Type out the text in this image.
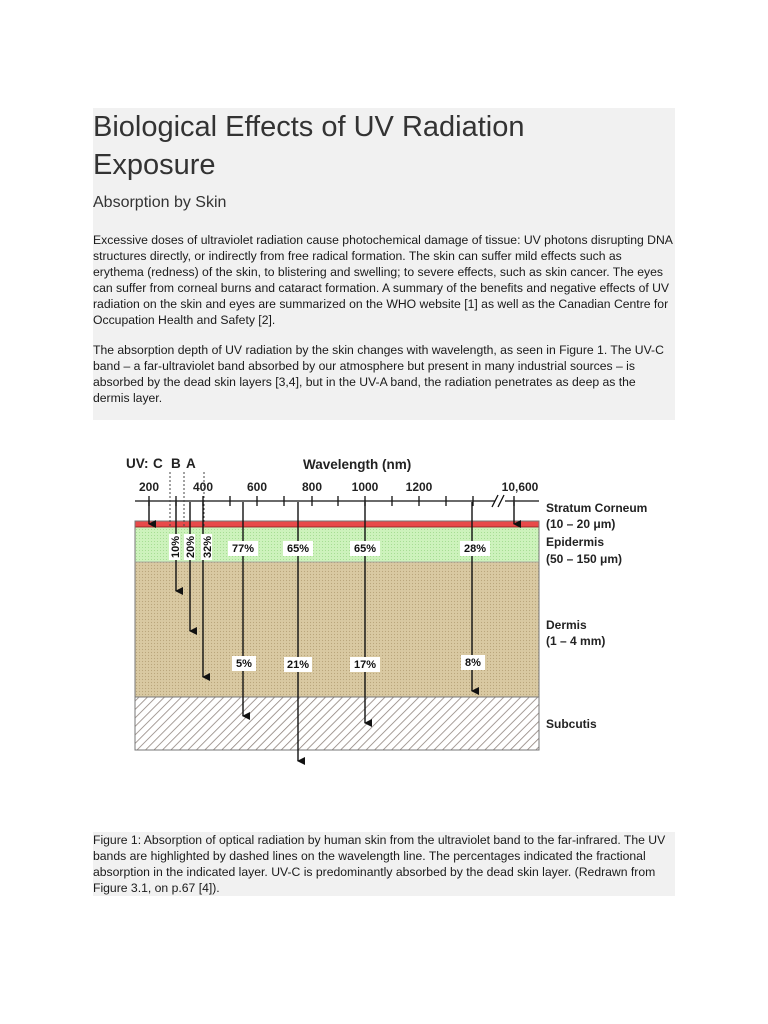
Biological Effects of UV Radiation Exposure
Absorption by Skin

Excessive doses of ultraviolet radiation cause photochemical damage of tissue: UV photons disrupting DNA structures directly, or indirectly from free radical formation. The skin can suffer mild effects such as erythema (redness) of the skin, to blistering and swelling; to severe effects, such as skin cancer. The eyes can suffer from corneal burns and cataract formation. A summary of the benefits and negative effects of UV radiation on the skin and eyes are summarized on the WHO website [1] as well as the Canadian Centre for Occupation Health and Safety [2].

The absorption depth of UV radiation by the skin changes with wavelength, as seen in Figure 1. The UV-C band – a far-ultraviolet band absorbed by our atmosphere but present in many industrial sources – is absorbed by the dead skin layers [3,4], but in the UV-A band, the radiation penetrates as deep as the dermis layer.

UV: C B A	Wavelength (nm)
200	400	600	800 1000 1200	10,600
10% 20% 32% 77%	65%	65%	28%
5%	21%	17%	8%
Stratum Corneum
(10 – 20 μm)
Epidermis
(50 – 150 μm)
Dermis
(1 – 4 mm)
Subcutis

Figure 1: Absorption of optical radiation by human skin from the ultraviolet band to the far-infrared. The UV bands are highlighted by dashed lines on the wavelength line. The percentages indicated the fractional absorption in the indicated layer. UV-C is predominantly absorbed by the dead skin layer. (Redrawn from Figure 3.1, on p.67 [4]).
